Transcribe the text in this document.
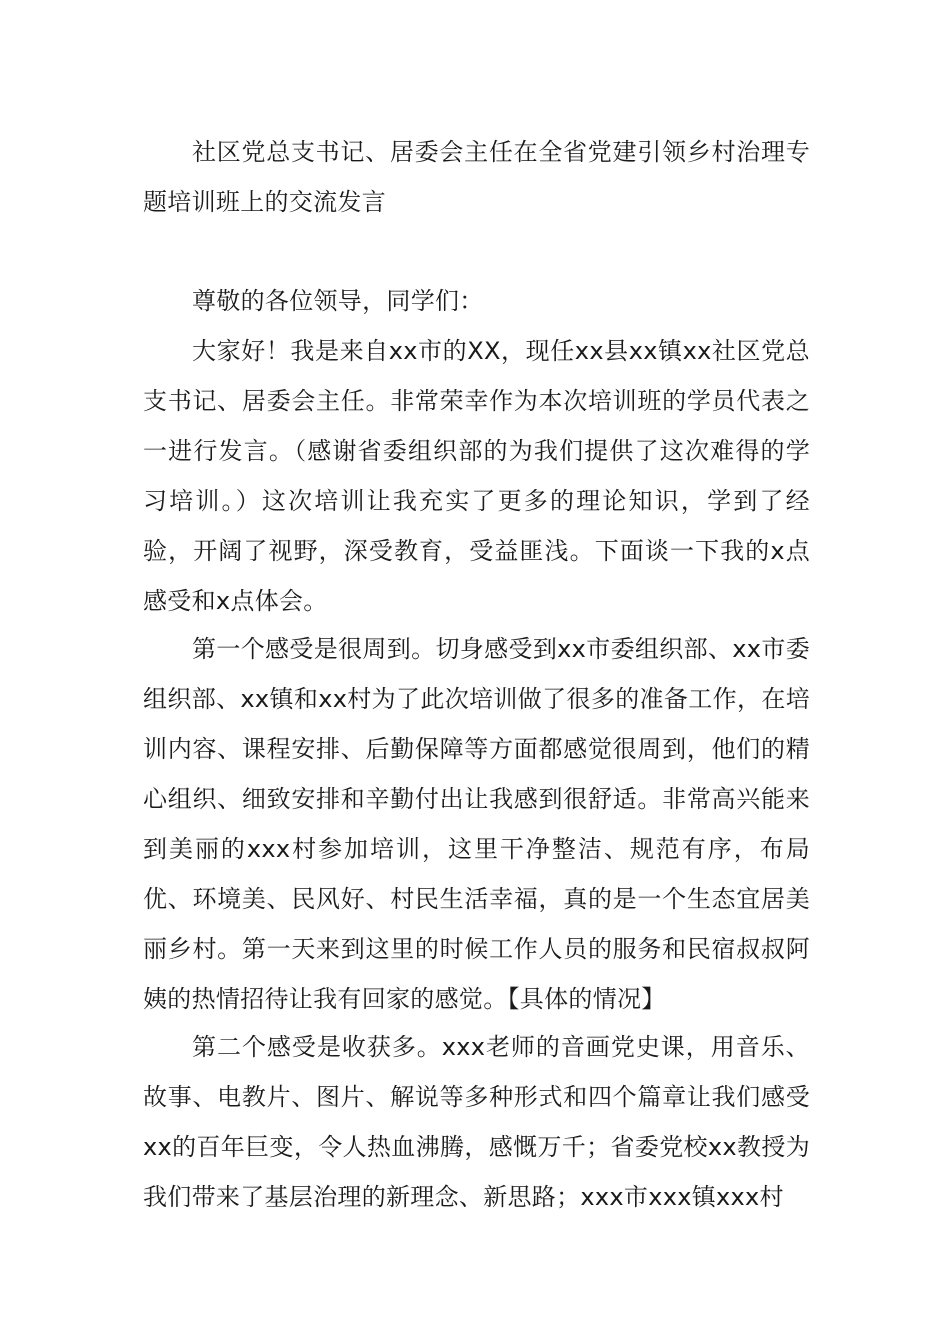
社区党总支书记、居委会主任在全省党建引领乡村治理专题培训班上的交流发言
尊敬的各位领导，同学们：
大家好！我是来自xx市的XX，现任xx县xx镇xx社区党总支书记、居委会主任。非常荣幸作为本次培训班的学员代表之一进行发言。（感谢省委组织部的为我们提供了这次难得的学习培训。）这次培训让我充实了更多的理论知识，学到了经验，开阔了视野，深受教育，受益匪浅。下面谈一下我的x点感受和x点体会。
第一个感受是很周到。切身感受到xx市委组织部、xx市委组织部、xx镇和xx村为了此次培训做了很多的准备工作，在培训内容、课程安排、后勤保障等方面都感觉很周到，他们的精心组织、细致安排和辛勤付出让我感到很舒适。非常高兴能来到美丽的xxx村参加培训，这里干净整洁、规范有序，布局优、环境美、民风好、村民生活幸福，真的是一个生态宜居美丽乡村。第一天来到这里的时候工作人员的服务和民宿叔叔阿姨的热情招待让我有回家的感觉。【具体的情况】
第二个感受是收获多。xxx老师的音画党史课，用音乐、故事、电教片、图片、解说等多种形式和四个篇章让我们感受xx的百年巨变，令人热血沸腾，感慨万千；省委党校xx教授为我们带来了基层治理的新理念、新思路；xxx市xxx镇xxx村
